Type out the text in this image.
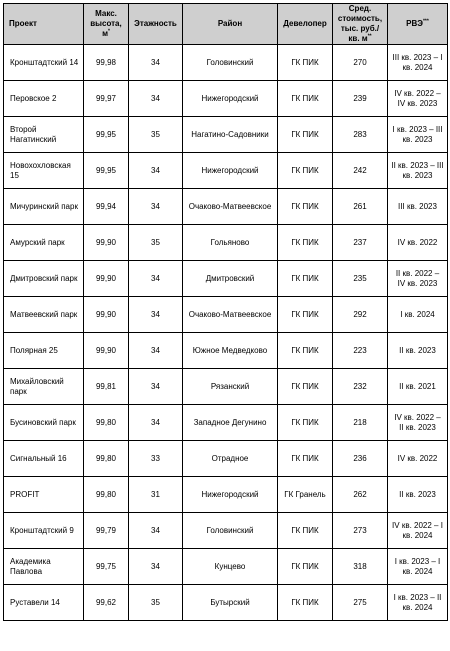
Проект	Макс. высота, м*	Этажность	Район	Девелопер	Сред. стоимость, тыс. руб./ кв. м**	РВЭ***
Кронштадтский 14	99,98	34	Головинский	ГК ПИК	270	III кв. 2023 – I кв. 2024
Перовское 2	99,97	34	Нижегородский	ГК ПИК	239	IV кв. 2022 – IV кв. 2023
Второй Нагатинский	99,95	35	Нагатино-Садовники	ГК ПИК	283	I кв. 2023 – III кв. 2023
Новохохловская 15	99,95	34	Нижегородский	ГК ПИК	242	II кв. 2023 – III кв. 2023
Мичуринский парк	99,94	34	Очаково-Матвеевское	ГК ПИК	261	III кв. 2023
Амурский парк	99,90	35	Гольяново	ГК ПИК	237	IV кв. 2022
Дмитровский парк	99,90	34	Дмитровский	ГК ПИК	235	II кв. 2022 – IV кв. 2023
Матвеевский парк	99,90	34	Очаково-Матвеевское	ГК ПИК	292	I кв. 2024
Полярная 25	99,90	34	Южное Медведково	ГК ПИК	223	II кв. 2023
Михайловский парк	99,81	34	Рязанский	ГК ПИК	232	II кв. 2021
Бусиновский парк	99,80	34	Западное Дегунино	ГК ПИК	218	IV кв. 2022 – II кв. 2023
Сигнальный 16	99,80	33	Отрадное	ГК ПИК	236	IV кв. 2022
PROFIT	99,80	31	Нижегородский	ГК Гранель	262	II кв. 2023
Кронштадтский 9	99,79	34	Головинский	ГК ПИК	273	IV кв. 2022 – I кв. 2024
Академика Павлова	99,75	34	Кунцево	ГК ПИК	318	I кв. 2023 – I кв. 2024
Руставели 14	99,62	35	Бутырский	ГК ПИК	275	I кв. 2023 – II кв. 2024
